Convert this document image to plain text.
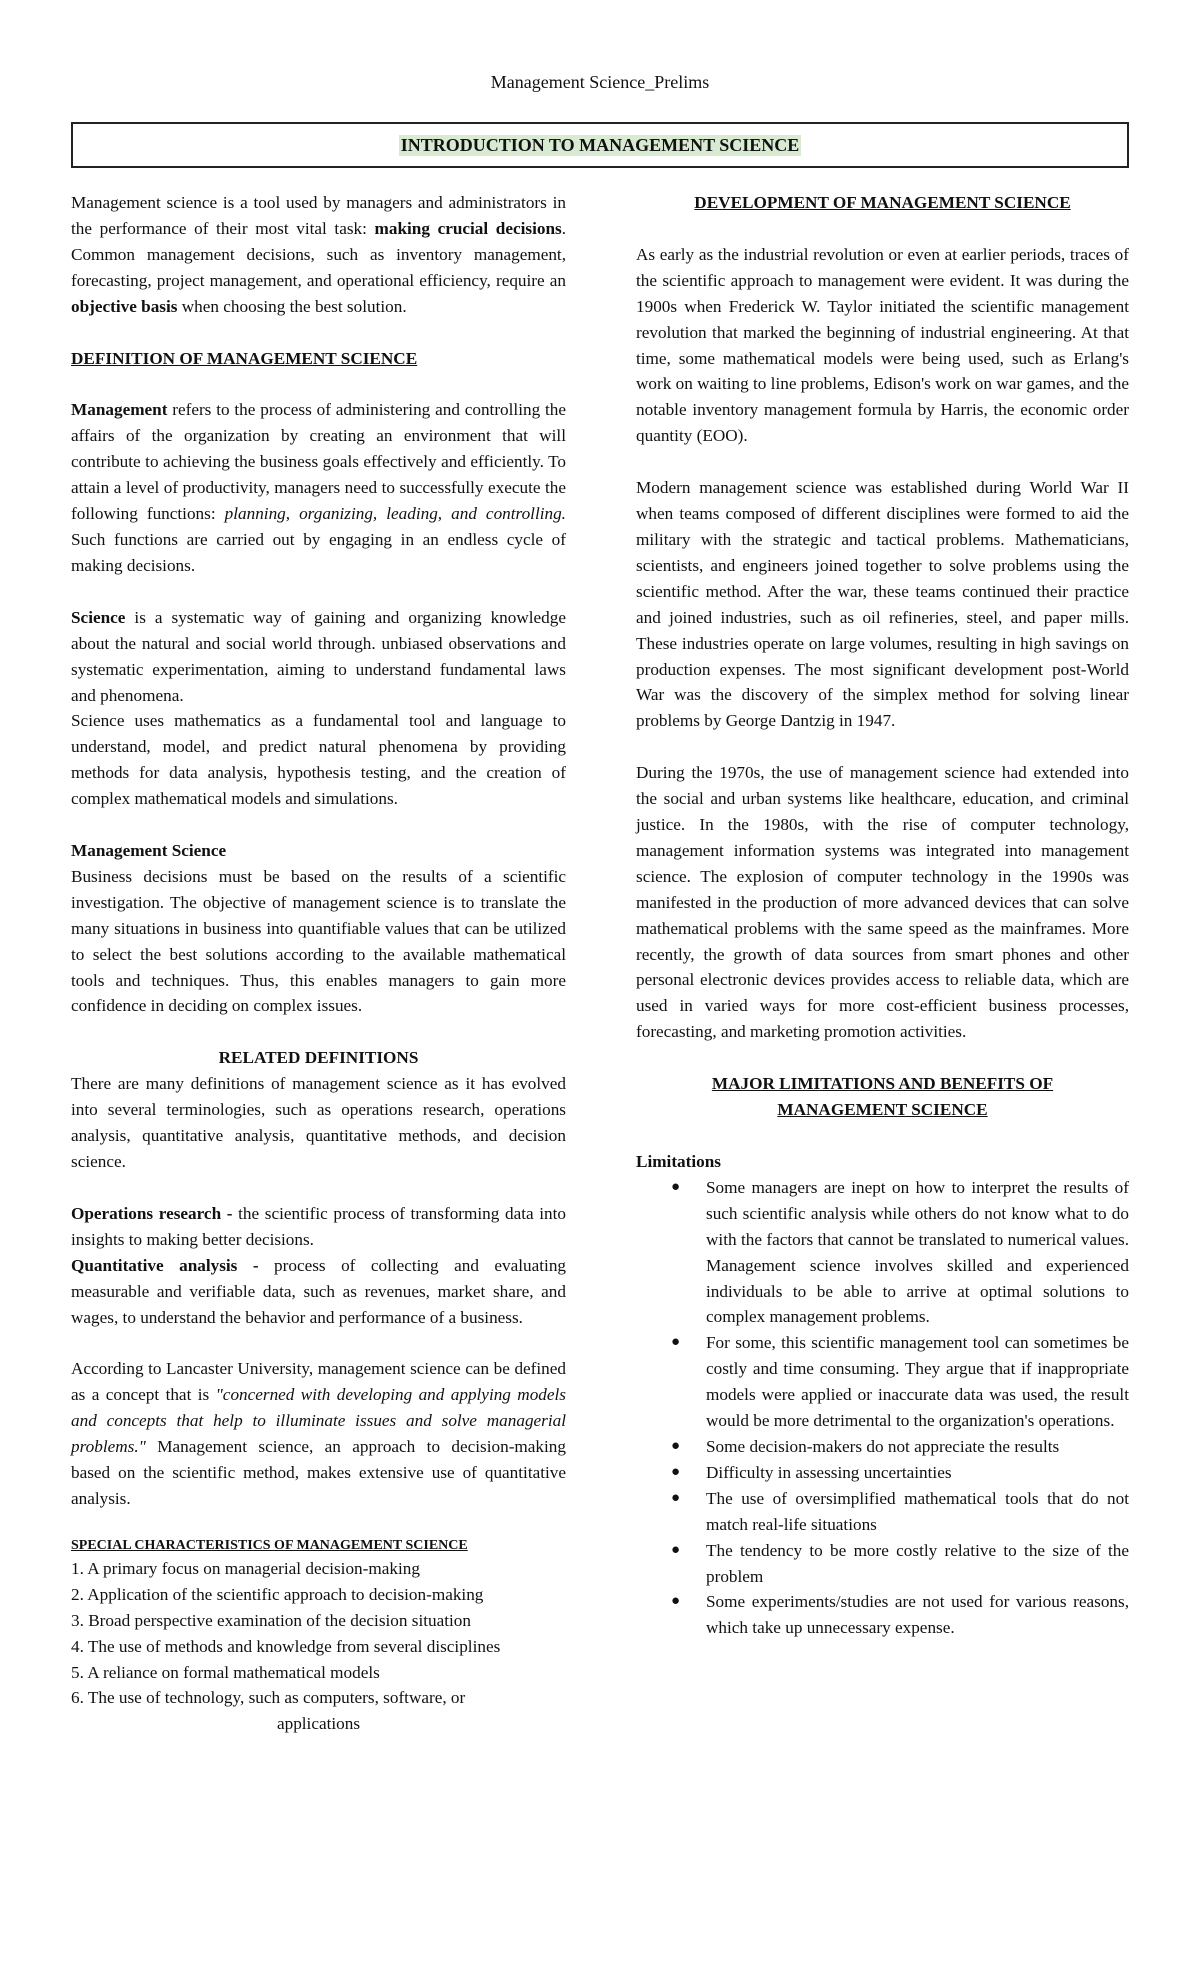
Management Science_Prelims
INTRODUCTION TO MANAGEMENT SCIENCE

Management science is a tool used by managers and administrators in the performance of their most vital task: making crucial decisions. Common management decisions, such as inventory management, forecasting, project management, and operational efficiency, require an objective basis when choosing the best solution.

DEFINITION OF MANAGEMENT SCIENCE

Management refers to the process of administering and controlling the affairs of the organization by creating an environment that will contribute to achieving the business goals effectively and efficiently. To attain a level of productivity, managers need to successfully execute the following functions: planning, organizing, leading, and controlling. Such functions are carried out by engaging in an endless cycle of making decisions.

Science is a systematic way of gaining and organizing knowledge about the natural and social world through. unbiased observations and systematic experimentation, aiming to understand fundamental laws and phenomena.

Science uses mathematics as a fundamental tool and language to understand, model, and predict natural phenomena by providing methods for data analysis, hypothesis testing, and the creation of complex mathematical models and simulations.

Management Science

Business decisions must be based on the results of a scientific investigation. The objective of management science is to translate the many situations in business into quantifiable values that can be utilized to select the best solutions according to the available mathematical tools and techniques. Thus, this enables managers to gain more confidence in deciding on complex issues.

RELATED DEFINITIONS

There are many definitions of management science as it has evolved into several terminologies, such as operations research, operations analysis, quantitative analysis, quantitative methods, and decision science.

Operations research - the scientific process of transforming data into insights to making better decisions.

Quantitative analysis - process of collecting and evaluating measurable and verifiable data, such as revenues, market share, and wages, to understand the behavior and performance of a business.

According to Lancaster University, management science can be defined as a concept that is "concerned with developing and applying models and concepts that help to illuminate issues and solve managerial problems." Management science, an approach to decision-making based on the scientific method, makes extensive use of quantitative analysis.

SPECIAL CHARACTERISTICS OF MANAGEMENT SCIENCE

1. A primary focus on managerial decision-making
2. Application of the scientific approach to decision-making
3. Broad perspective examination of the decision situation
4. The use of methods and knowledge from several disciplines
5. A reliance on formal mathematical models

6. The use of technology, such as computers, software, or

applications

DEVELOPMENT OF MANAGEMENT SCIENCE

As early as the industrial revolution or even at earlier periods, traces of the scientific approach to management were evident. It was during the 1900s when Frederick W. Taylor initiated the scientific management revolution that marked the beginning of industrial engineering. At that time, some mathematical models were being used, such as Erlang's work on waiting to line problems, Edison's work on war games, and the notable inventory management formula by Harris, the economic order quantity (EOO).

Modern management science was established during World War II when teams composed of different disciplines were formed to aid the military with the strategic and tactical problems. Mathematicians, scientists, and engineers joined together to solve problems using the scientific method. After the war, these teams continued their practice and joined industries, such as oil refineries, steel, and paper mills. These industries operate on large volumes, resulting in high savings on production expenses. The most significant development post-World War was the discovery of the simplex method for solving linear problems by George Dantzig in 1947.

During the 1970s, the use of management science had extended into the social and urban systems like healthcare, education, and criminal justice. In the 1980s, with the rise of computer technology, management information systems was integrated into management science. The explosion of computer technology in the 1990s was manifested in the production of more advanced devices that can solve mathematical problems with the same speed as the mainframes. More recently, the growth of data sources from smart phones and other personal electronic devices provides access to reliable data, which are used in varied ways for more cost-efficient business processes, forecasting, and marketing promotion activities.

MAJOR LIMITATIONS AND BENEFITS OF

MANAGEMENT SCIENCE

Limitations

● Some managers are inept on how to interpret the results of such scientific analysis while others do not know what to do with the factors that cannot be translated to numerical values. Management science involves skilled and experienced individuals to be able to arrive at optimal solutions to complex management problems.
● For some, this scientific management tool can sometimes be costly and time consuming. They argue that if inappropriate models were applied or inaccurate data was used, the result would be more detrimental to the organization's operations.
● Some decision-makers do not appreciate the results
● Difficulty in assessing uncertainties
● The use of oversimplified mathematical tools that do not match real-life situations
● The tendency to be more costly relative to the size of the problem
● Some experiments/studies are not used for various reasons, which take up unnecessary expense.
